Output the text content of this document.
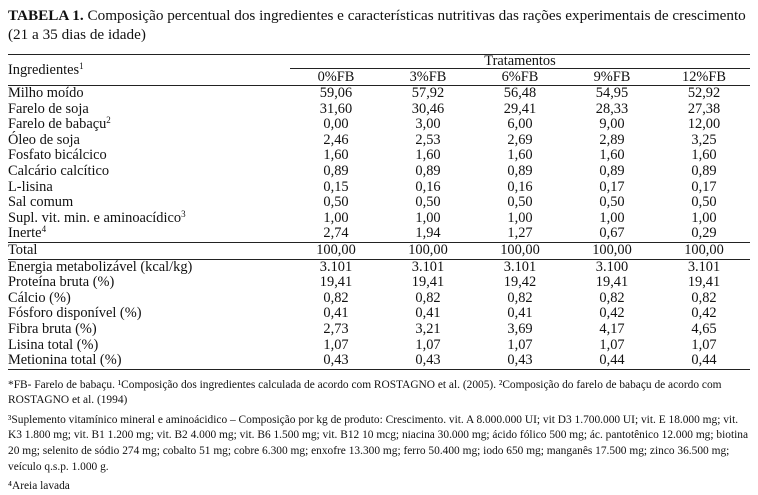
TABELA 1. Composição percentual dos ingredientes e características nutritivas das rações experimentais de crescimento (21 a 35 dias de idade)
Ingredientes$^1$	Tratamentos				
	0%FB	3%FB	6%FB	9%FB	12%FB
Milho moído	59,06	57,92	56,48	54,95	52,92
Farelo de soja	31,60	30,46	29,41	28,33	27,38
Farelo de babaçu$^2$	0,00	3,00	6,00	9,00	12,00
Óleo de soja	2,46	2,53	2,69	2,89	3,25
Fosfato bicálcico	1,60	1,60	1,60	1,60	1,60
Calcário calcítico	0,89	0,89	0,89	0,89	0,89
L-lisina	0,15	0,16	0,16	0,17	0,17
Sal comum	0,50	0,50	0,50	0,50	0,50
Supl. vit. min. e aminoacídico$^3$	1,00	1,00	1,00	1,00	1,00
Inerte$^4$	2,74	1,94	1,27	0,67	0,29
Total	100,00	100,00	100,00	100,00	100,00
Energia metabolizável (kcal/kg)	3.101	3.101	3.101	3.100	3.101
Proteína bruta (%)	19,41	19,41	19,42	19,41	19,41
Cálcio (%)	0,82	0,82	0,82	0,82	0,82
Fósforo disponível (%)	0,41	0,41	0,41	0,42	0,42
Fibra bruta (%)	2,73	3,21	3,69	4,17	4,65
Lisina total (%)	1,07	1,07	1,07	1,07	1,07
Metionina total (%)	0,43	0,43	0,43	0,44	0,44

*FB- Farelo de babaçu. ¹Composição dos ingredientes calculada de acordo com ROSTAGNO et al. (2005). ²Composição do farelo de babaçu de acordo com ROSTAGNO et al. (1994)

³Suplemento vitamínico mineral e aminoácidico – Composição por kg de produto: Crescimento. vit. A 8.000.000 UI; vit D3 1.700.000 UI; vit. E 18.000 mg; vit. K3 1.800 mg; vit. B1 1.200 mg; vit. B2 4.000 mg; vit. B6 1.500 mg; vit. B12 10 mcg; niacina 30.000 mg; ácido fólico 500 mg; ác. pantotênico 12.000 mg; biotina 20 mg; selenito de sódio 274 mg; cobalto 51 mg; cobre 6.300 mg; enxofre 13.300 mg; ferro 50.400 mg; iodo 650 mg; manganês 17.500 mg; zinco 36.500 mg; veículo q.s.p. 1.000 g.

⁴Areia lavada
